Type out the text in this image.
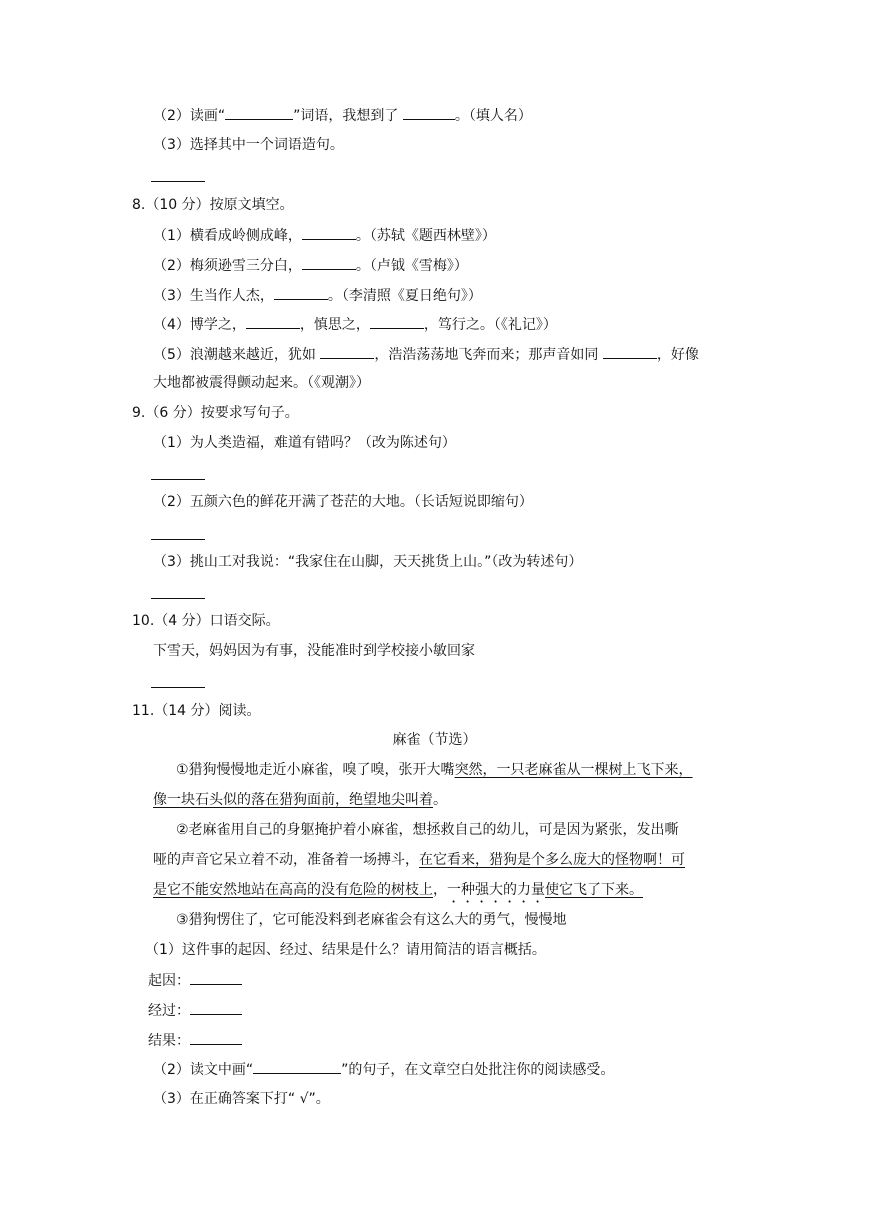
（2）读画“	”词语，我想到了	。（填人名）
（3）选择其中一个词语造句。
8.（10 分）按原文填空。
（1）横看成岭侧成峰，	。（苏轼《题西林壁》）
（2）梅须逊雪三分白，	。（卢钺《雪梅》）
（3）生当作人杰，	。（李清照《夏日绝句》）
（4）博学之，	，慎思之，	，笃行之。（《礼记》）
（5）浪潮越来越近，犹如	，浩浩荡荡地飞奔而来；那声音如同	，好像
大地都被震得颤动起来。（《观潮》）
9.（6 分）按要求写句子。
（1）为人类造福，难道有错吗？（改为陈述句）
（2）五颜六色的鲜花开满了苍茫的大地。（长话短说即缩句）
（3）挑山工对我说：“我家住在山脚，天天挑货上山。”（改为转述句）
10.（4 分）口语交际。
下雪天，妈妈因为有事，没能准时到学校接小敏回家
11.（14 分）阅读。
麻雀（节选）
①猎狗慢慢地走近小麻雀，嗅了嗅，张开大嘴突然，一只老麻雀从一棵树上飞下来，
像一块石头似的落在猎狗面前，绝望地尖叫着。
②老麻雀用自己的身躯掩护着小麻雀，想拯救自己的幼儿，可是因为紧张，发出嘶
哑的声音它呆立着不动，准备着一场搏斗，在它看来，猎狗是个多么庞大的怪物啊！可
是它不能安然地站在高高的没有危险的树枝上，一种强大的力量使它飞了下来。
③猎狗愣住了，它可能没料到老麻雀会有这么大的勇气，慢慢地
（1）这件事的起因、经过、结果是什么？请用简洁的语言概括。
起因：
经过：
结果：
（2）读文中画“	”的句子，在文章空白处批注你的阅读感受。
（3）在正确答案下打“ √”。
